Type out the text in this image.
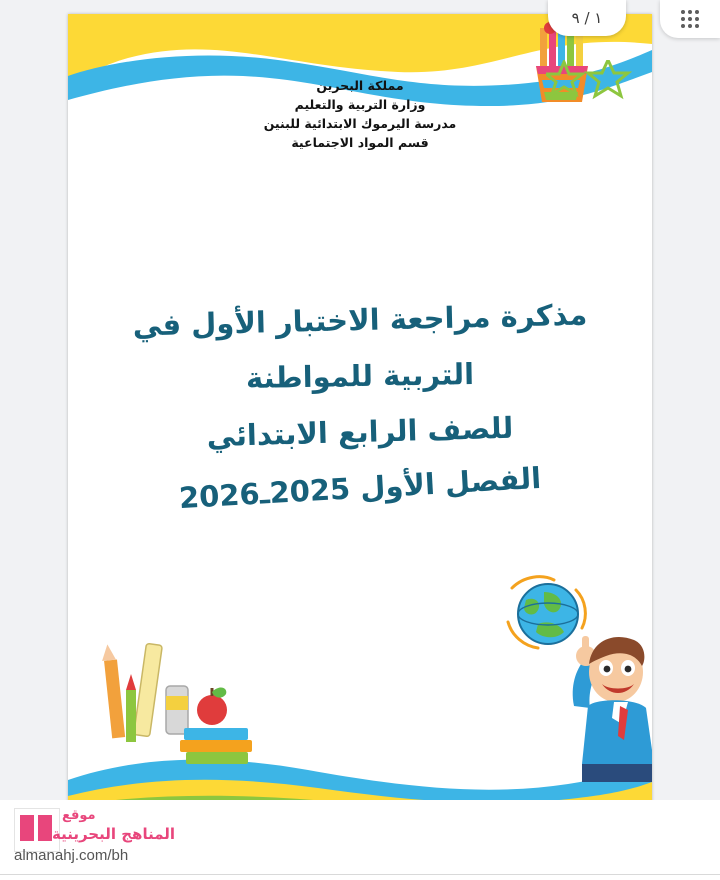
مملكة البحرين
وزارة التربية والتعليم
مدرسة اليرموك الابتدائية للبنين
قسم المواد الاجتماعية
مذكرة مراجعة الاختبار الأول في
التربية للمواطنة
للصف الرابع الابتدائي
الفصل الأول 2025ـ2026
١ / ٩
موقع
المناهج البحرينية
almanahj.com/bh
